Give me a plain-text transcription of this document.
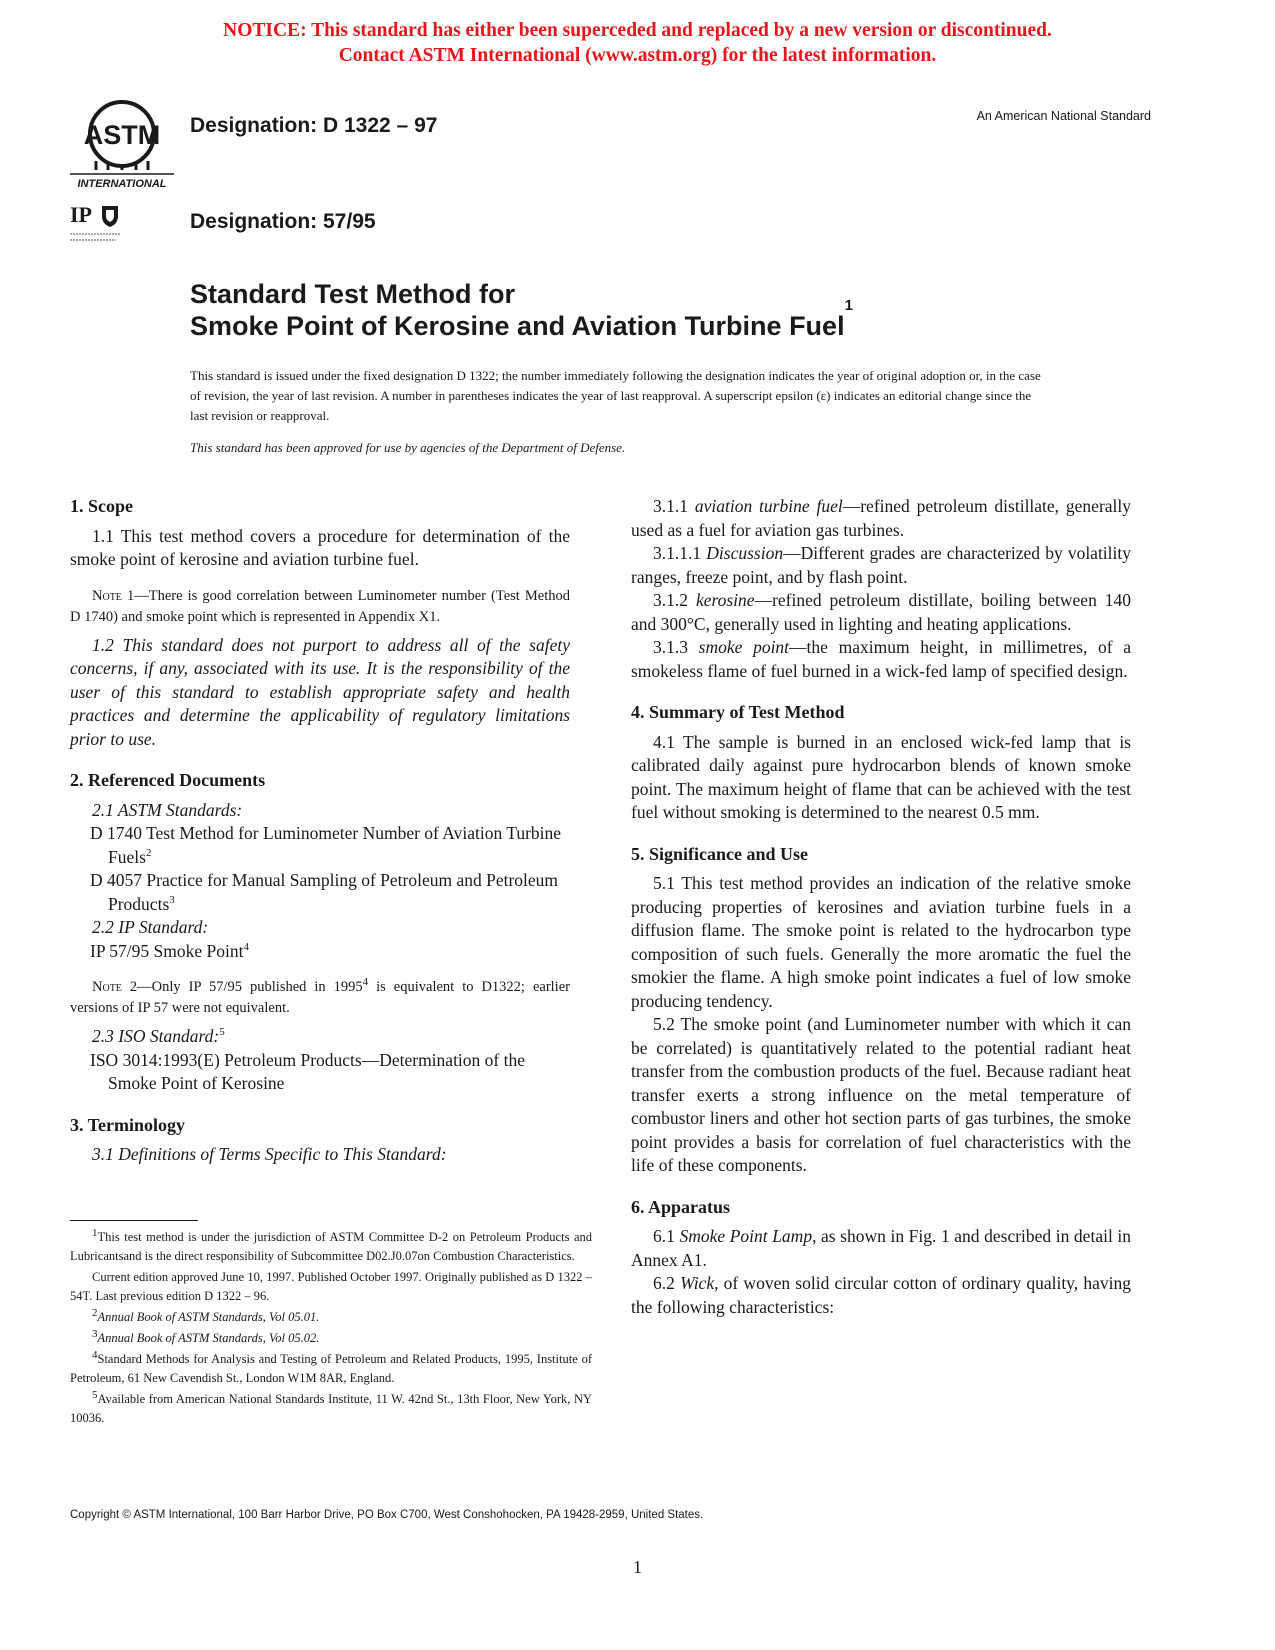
NOTICE: This standard has either been superceded and replaced by a new version or discontinued.
Contact ASTM International (www.astm.org) for the latest information.
ASTM
INTERNATIONAL
IP
Designation: D 1322 – 97
Designation: 57/95
An American National Standard
Standard Test Method for
Smoke Point of Kerosine and Aviation Turbine Fuel$^1$

This standard is issued under the fixed designation D 1322; the number immediately following the designation indicates the year of original adoption or, in the case of revision, the year of last revision. A number in parentheses indicates the year of last reapproval. A superscript epsilon (ε) indicates an editorial change since the last revision or reapproval.

This standard has been approved for use by agencies of the Department of Defense.

1. Scope

1.1 This test method covers a procedure for determination of the smoke point of kerosine and aviation turbine fuel.

Note 1—There is good correlation between Luminometer number (Test Method D 1740) and smoke point which is represented in Appendix X1.

1.2 This standard does not purport to address all of the safety concerns, if any, associated with its use. It is the responsibility of the user of this standard to establish appropriate safety and health practices and determine the applicability of regulatory limitations prior to use.

2. Referenced Documents

2.1 ASTM Standards:

D 1740 Test Method for Luminometer Number of Aviation Turbine Fuels$^2$

D 4057 Practice for Manual Sampling of Petroleum and Petroleum Products$^3$

2.2 IP Standard:

IP 57/95 Smoke Point$^4$

Note 2—Only IP 57/95 published in 1995$^4$ is equivalent to D1322; earlier versions of IP 57 were not equivalent.

2.3 ISO Standard:$^5$

ISO 3014:1993(E) Petroleum Products—Determination of the Smoke Point of Kerosine

3. Terminology

3.1 Definitions of Terms Specific to This Standard:

$^1$This test method is under the jurisdiction of ASTM Committee D-2 on Petroleum Products and Lubricantsand is the direct responsibility of Subcommittee D02.J0.07on Combustion Characteristics.

Current edition approved June 10, 1997. Published October 1997. Originally published as D 1322 – 54T. Last previous edition D 1322 – 96.

$^2$Annual Book of ASTM Standards, Vol 05.01.

$^3$Annual Book of ASTM Standards, Vol 05.02.

$^4$Standard Methods for Analysis and Testing of Petroleum and Related Products, 1995, Institute of Petroleum, 61 New Cavendish St., London W1M 8AR, England.

$^5$Available from American National Standards Institute, 11 W. 42nd St., 13th Floor, New York, NY 10036.

3.1.1 aviation turbine fuel—refined petroleum distillate, generally used as a fuel for aviation gas turbines.

3.1.1.1 Discussion—Different grades are characterized by volatility ranges, freeze point, and by flash point.

3.1.2 kerosine—refined petroleum distillate, boiling between 140 and 300°C, generally used in lighting and heating applications.

3.1.3 smoke point—the maximum height, in millimetres, of a smokeless flame of fuel burned in a wick-fed lamp of specified design.

4. Summary of Test Method

4.1 The sample is burned in an enclosed wick-fed lamp that is calibrated daily against pure hydrocarbon blends of known smoke point. The maximum height of flame that can be achieved with the test fuel without smoking is determined to the nearest 0.5 mm.

5. Significance and Use

5.1 This test method provides an indication of the relative smoke producing properties of kerosines and aviation turbine fuels in a diffusion flame. The smoke point is related to the hydrocarbon type composition of such fuels. Generally the more aromatic the fuel the smokier the flame. A high smoke point indicates a fuel of low smoke producing tendency.

5.2 The smoke point (and Luminometer number with which it can be correlated) is quantitatively related to the potential radiant heat transfer from the combustion products of the fuel. Because radiant heat transfer exerts a strong influence on the metal temperature of combustor liners and other hot section parts of gas turbines, the smoke point provides a basis for correlation of fuel characteristics with the life of these components.

6. Apparatus

6.1 Smoke Point Lamp, as shown in Fig. 1 and described in detail in Annex A1.

6.2 Wick, of woven solid circular cotton of ordinary quality, having the following characteristics:

Copyright © ASTM International, 100 Barr Harbor Drive, PO Box C700, West Conshohocken, PA 19428-2959, United States.
1
